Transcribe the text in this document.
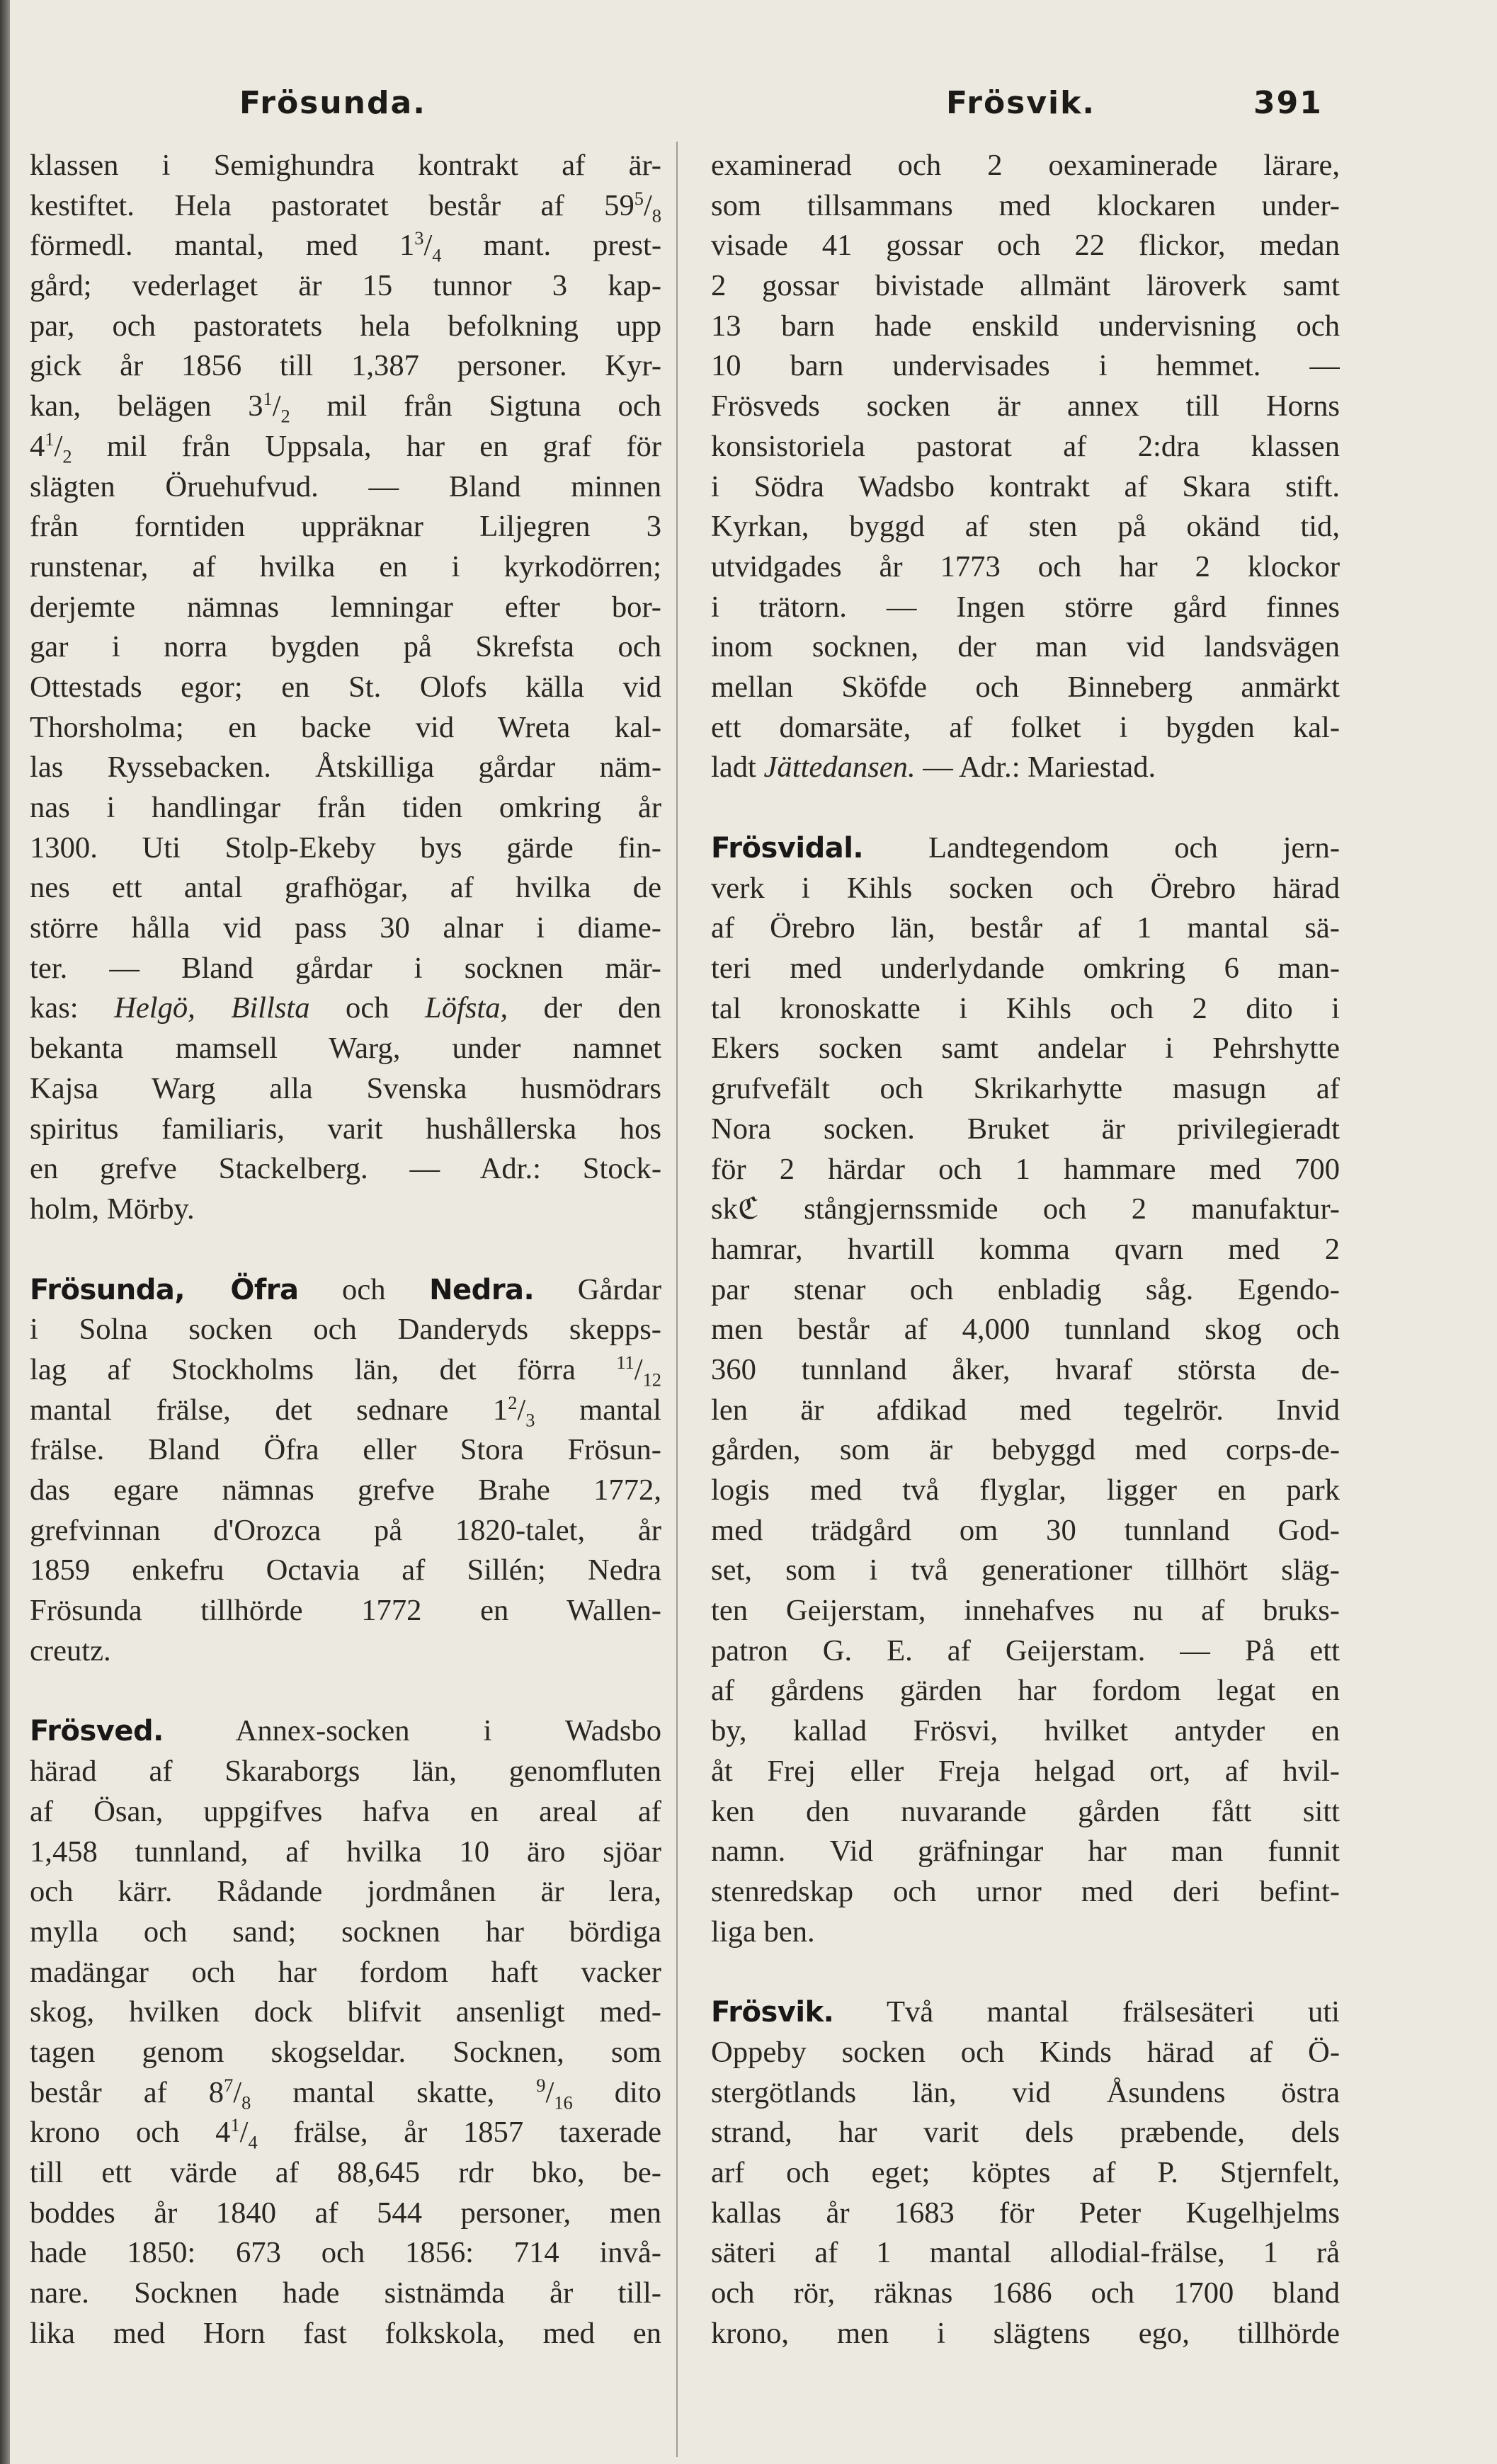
Frösunda.	Frösvik.	391
klassen i Semighundra kontrakt af är-
kestiftet. Hela pastoratet består af $59^5/_8$
förmedl. mantal, med $1^3/_4$ mant. prest-
gård; vederlaget är 15 tunnor 3 kap-
par, och pastoratets hela befolkning upp
gick år 1856 till 1,387 personer. Kyr-
kan, belägen $3^1/_2$ mil från Sigtuna och
$4^1/_2$ mil från Uppsala, har en graf för
slägten Öruehufvud. — Bland minnen
från forntiden uppräknar Liljegren 3
runstenar, af hvilka en i kyrkodörren;
derjemte nämnas lemningar efter bor-
gar i norra bygden på Skrefsta och
Ottestads egor; en St. Olofs källa vid
Thorsholma; en backe vid Wreta kal-
las Ryssebacken. Åtskilliga gårdar näm-
nas i handlingar från tiden omkring år
1300. Uti Stolp-Ekeby bys gärde fin-
nes ett antal grafhögar, af hvilka de
större hålla vid pass 30 alnar i diame-
ter. — Bland gårdar i socknen mär-
kas: Helgö, Billsta och Löfsta, der den
bekanta mamsell Warg, under namnet
Kajsa Warg alla Svenska husmödrars
spiritus familiaris, varit hushållerska hos
en grefve Stackelberg. — Adr.: Stock-
holm, Mörby.
Frösunda, Öfra och Nedra. Gårdar
i Solna socken och Danderyds skepps-
lag af Stockholms län, det förra $^{11}/_{12}$
mantal frälse, det sednare $1^2/_3$ mantal
frälse. Bland Öfra eller Stora Frösun-
das egare nämnas grefve Brahe 1772,
grefvinnan d'Orozca på 1820-talet, år
1859 enkefru Octavia af Sillén; Nedra
Frösunda tillhörde 1772 en Wallen-
creutz.
Frösved. Annex-socken i Wadsbo
härad af Skaraborgs län, genomfluten
af Ösan, uppgifves hafva en areal af
1,458 tunnland, af hvilka 10 äro sjöar
och kärr. Rådande jordmånen är lera,
mylla och sand; socknen har bördiga
madängar och har fordom haft vacker
skog, hvilken dock blifvit ansenligt med-
tagen genom skogseldar. Socknen, som
består af $8^7/_8$ mantal skatte, $^9/_{16}$ dito
krono och $4^1/_4$ frälse, år 1857 taxerade
till ett värde af 88,645 rdr bko, be-
boddes år 1840 af 544 personer, men
hade 1850: 673 och 1856: 714 invå-
nare. Socknen hade sistnämda år till-
lika med Horn fast folkskola, med en
examinerad och 2 oexaminerade lärare,
som tillsammans med klockaren under-
visade 41 gossar och 22 flickor, medan
2 gossar bivistade allmänt läroverk samt
13 barn hade enskild undervisning och
10 barn undervisades i hemmet. —
Frösveds socken är annex till Horns
konsistoriela pastorat af 2:dra klassen
i Södra Wadsbo kontrakt af Skara stift.
Kyrkan, byggd af sten på okänd tid,
utvidgades år 1773 och har 2 klockor
i trätorn. — Ingen större gård finnes
inom socknen, der man vid landsvägen
mellan Sköfde och Binneberg anmärkt
ett domarsäte, af folket i bygden kal-
ladt Jättedansen. — Adr.: Mariestad.
Frösvidal. Landtegendom och jern-
verk i Kihls socken och Örebro härad
af Örebro län, består af 1 mantal sä-
teri med underlydande omkring 6 man-
tal kronoskatte i Kihls och 2 dito i
Ekers socken samt andelar i Pehrshytte
grufvefält och Skrikarhytte masugn af
Nora socken. Bruket är privilegieradt
för 2 härdar och 1 hammare med 700
skℭ stångjernssmide och 2 manufaktur-
hamrar, hvartill komma qvarn med 2
par stenar och enbladig såg. Egendo-
men består af 4,000 tunnland skog och
360 tunnland åker, hvaraf största de-
len är afdikad med tegelrör. Invid
gården, som är bebyggd med corps-de-
logis med två flyglar, ligger en park
med trädgård om 30 tunnland God-
set, som i två generationer tillhört släg-
ten Geijerstam, innehafves nu af bruks-
patron G. E. af Geijerstam. — På ett
af gårdens gärden har fordom legat en
by, kallad Frösvi, hvilket antyder en
åt Frej eller Freja helgad ort, af hvil-
ken den nuvarande gården fått sitt
namn. Vid gräfningar har man funnit
stenredskap och urnor med deri befint-
liga ben.
Frösvik. Två mantal frälsesäteri uti
Oppeby socken och Kinds härad af Ö-
stergötlands län, vid Åsundens östra
strand, har varit dels præbende, dels
arf och eget; köptes af P. Stjernfelt,
kallas år 1683 för Peter Kugelhjelms
säteri af 1 mantal allodial-frälse, 1 rå
och rör, räknas 1686 och 1700 bland
krono, men i slägtens ego, tillhörde
